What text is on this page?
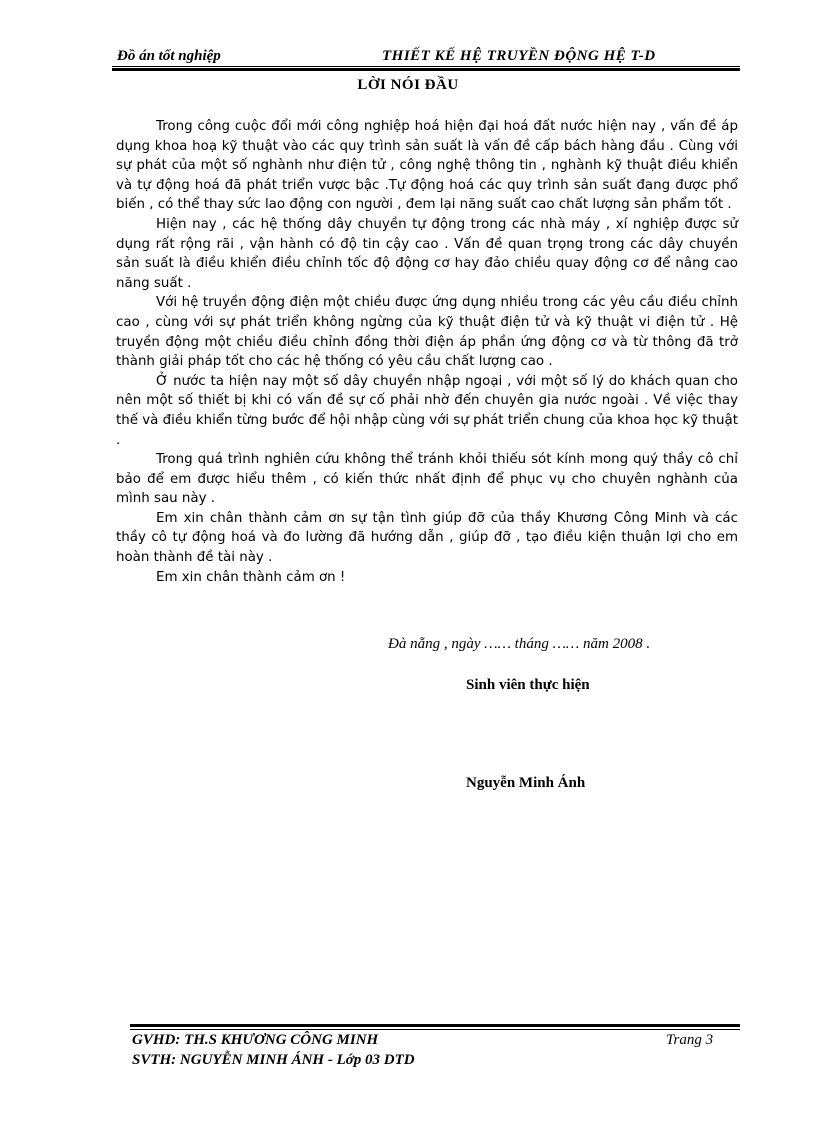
Đồ án tốt nghiệp	THIẾT KẾ HỆ TRUYỀN ĐỘNG HỆ T-D
LỜI NÓI ĐẦU

Trong công cuộc đổi mới công nghiệp hoá hiện đại hoá đất nước hiện nay , vấn đề áp dụng khoa hoạ kỹ thuật vào các quy trình sản suất là vấn đề cấp bách hàng đầu . Cùng với sự phát của một số nghành như điện tử , công nghệ thông tin , nghành kỹ thuật điều khiển và tự động hoá đã phát triển vược bậc .Tự động hoá các quy trình sản suất đang được phổ biến , có thể thay sức lao động con người , đem lại năng suất cao chất lượng sản phẩm tốt .

Hiện nay , các hệ thống dây chuyền tự động trong các nhà máy , xí nghiệp được sử dụng rất rộng rãi , vận hành có độ tin cậy cao . Vấn đề quan trọng trong các dây chuyền sản suất là điều khiển điều chỉnh tốc độ động cơ hay đảo chiều quay động cơ để nâng cao năng suất .

Với hệ truyền động điện một chiều được ứng dụng nhiều trong các yêu cầu điều chỉnh cao , cùng với sự phát triển không ngừng của kỹ thuật điện tử và kỹ thuật vi điện tử . Hệ truyền động một chiều điều chỉnh đồng thời điện áp phần ứng động cơ và từ thông đã trở thành giải pháp tốt cho các hệ thống có yêu cầu chất lượng cao .

Ở nước ta hiện nay một số dây chuyền nhập ngoại , với một số lý do khách quan cho nên một số thiết bị khi có vấn đề sự cố phải nhờ đến chuyên gia nước ngoài . Về việc thay thế và điều khiển từng bước để hội nhập cùng với sự phát triển chung của khoa học kỹ thuật .

Trong quá trình nghiên cứu không thể tránh khỏi thiếu sót kính mong quý thầy cô chỉ bảo để em được hiểu thêm , có kiến thức nhất định để phục vụ cho chuyên nghành của mình sau này .

Em xin chân thành cảm ơn sự tận tình giúp đỡ của thầy Khương Công Minh và các thầy cô tự động hoá và đo lường đã hướng dẫn , giúp đỡ , tạo điều kiện thuận lợi cho em hoàn thành đề tài này .

Em xin chân thành cảm ơn !

Đà nẵng , ngày …… tháng …… năm 2008 .
Sinh viên thực hiện
Nguyễn Minh Ánh
GVHD: TH.S KHƯƠNG CÔNG MINH	Trang 3
SVTH: NGUYỄN MINH ÁNH - Lớp 03 DTD
